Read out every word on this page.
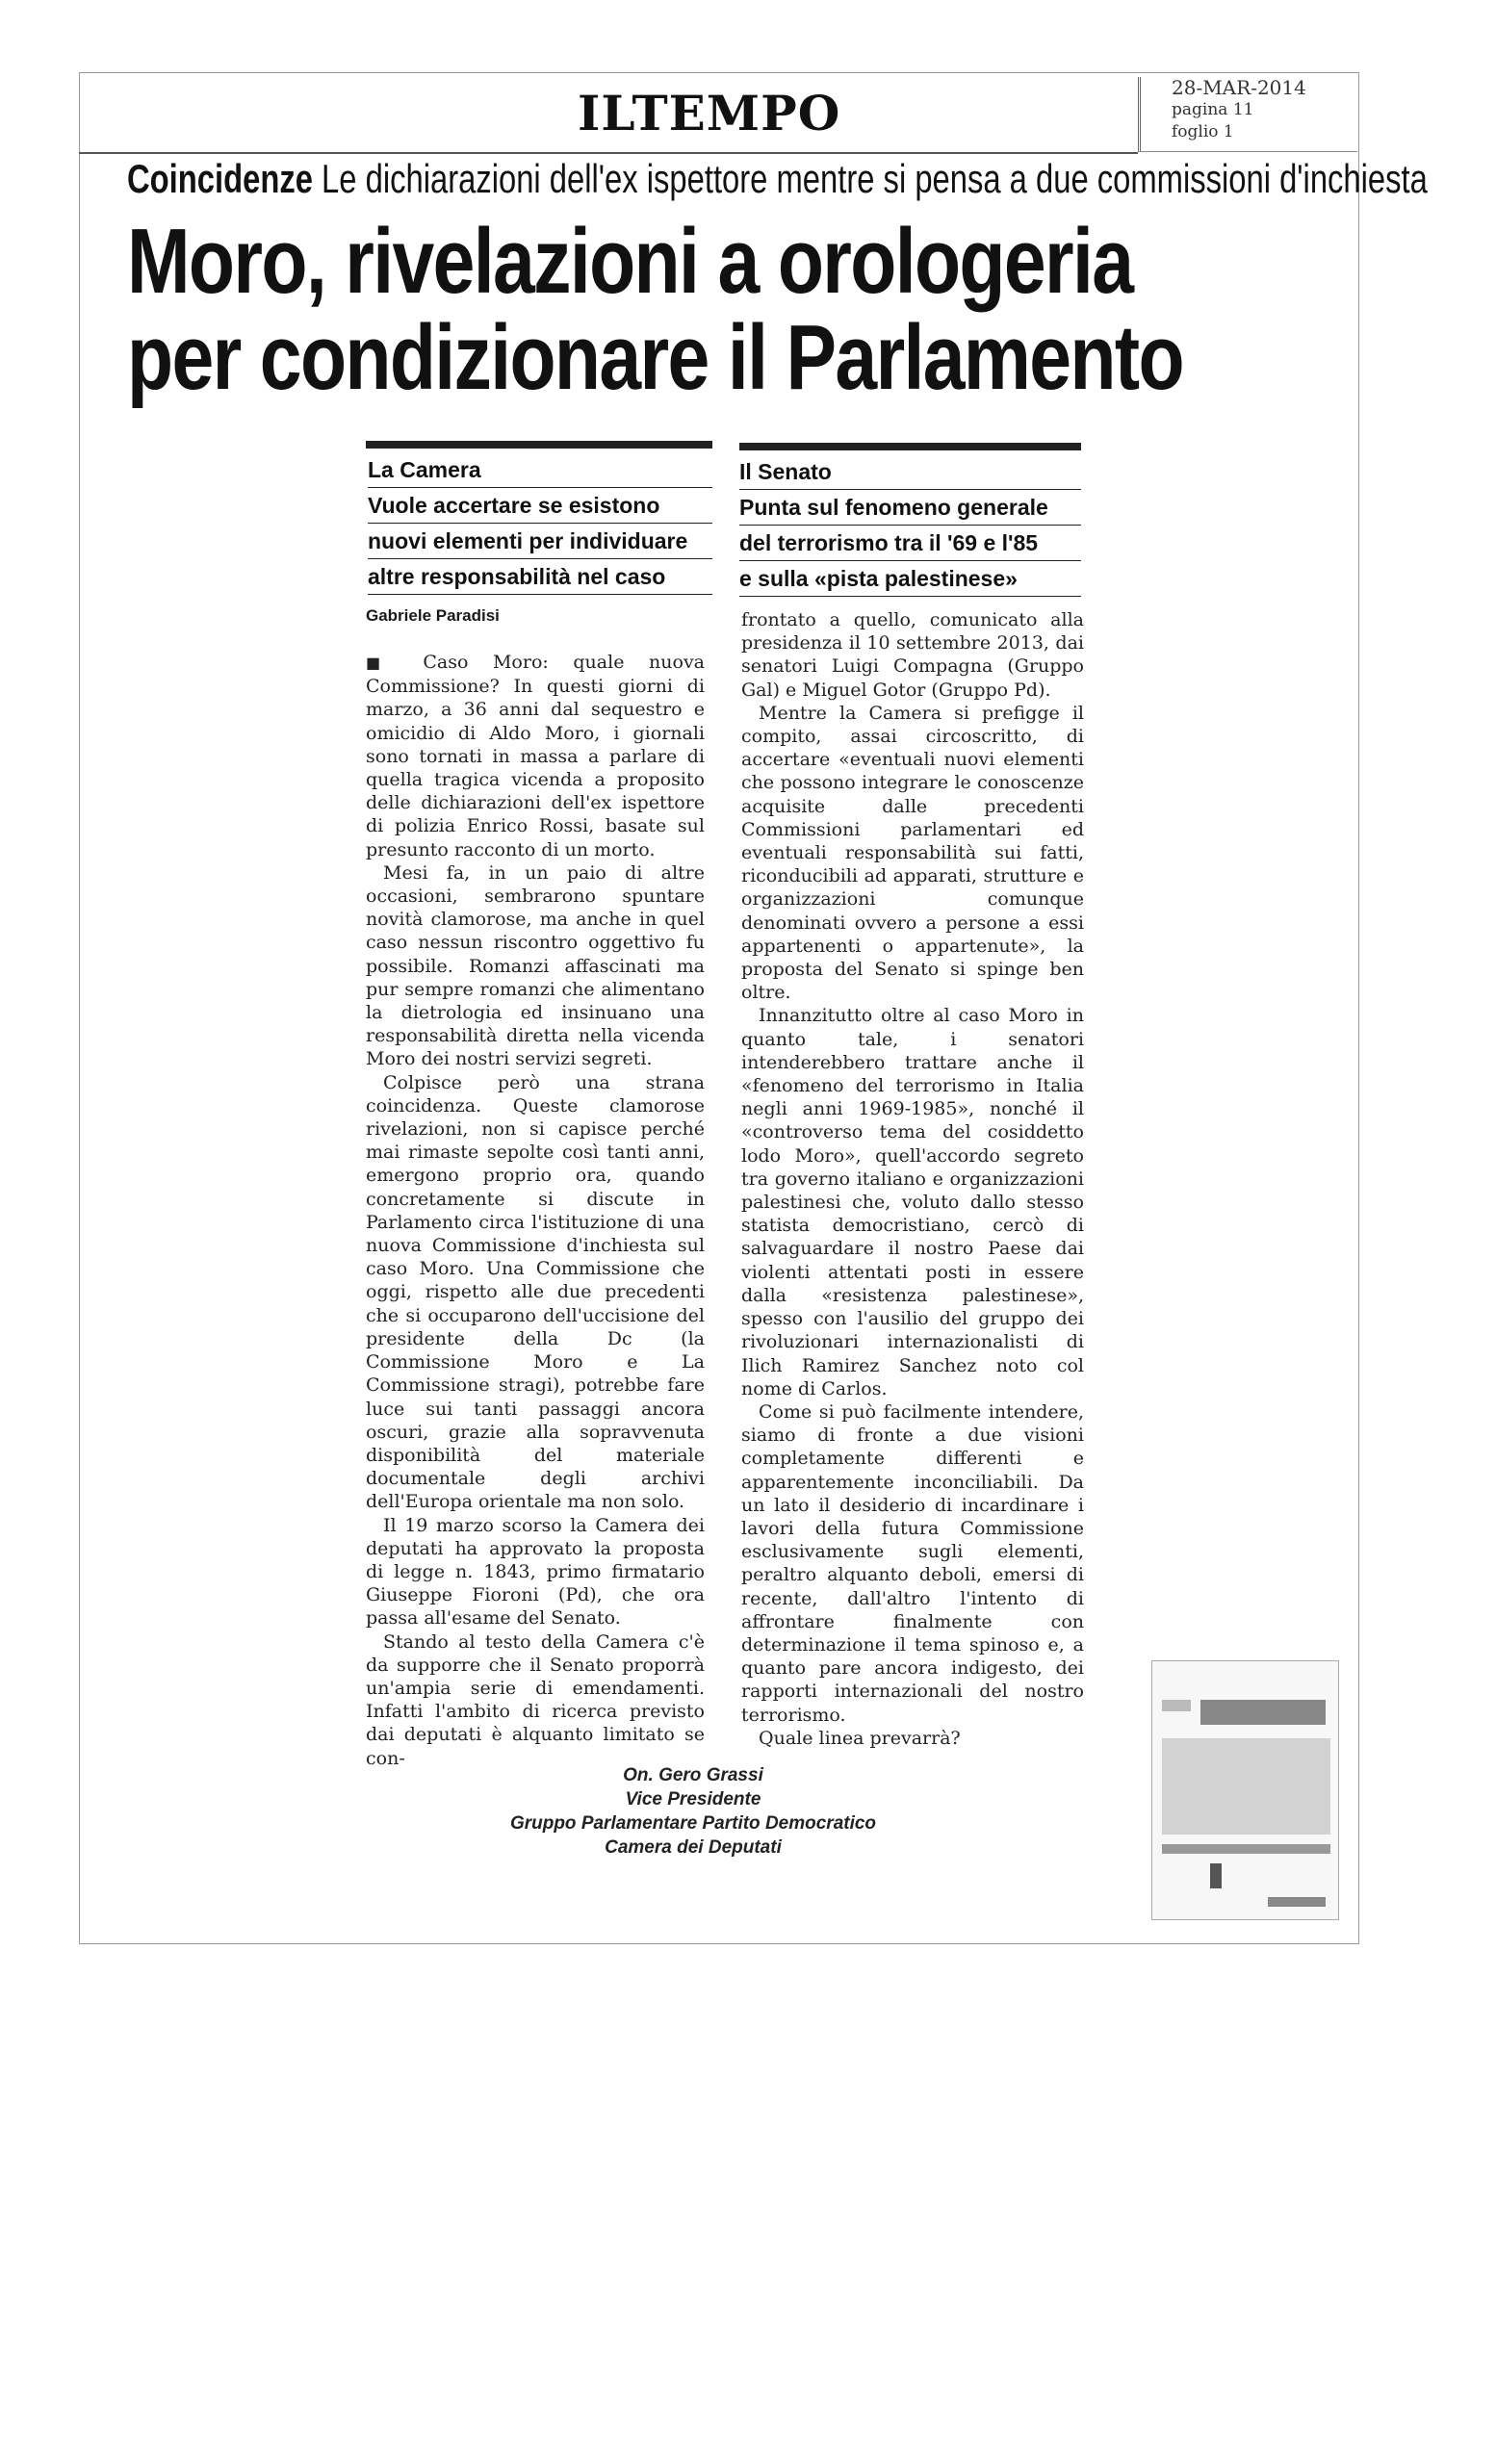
ILTEMPO	28-MAR-2014
pagina 11
foglio 1
Coincidenze Le dichiarazioni dell'ex ispettore mentre si pensa a due commissioni d'inchiesta
Moro, rivelazioni a orologeria
per condizionare il Parlamento
La Camera
Vuole accertare se esistono
nuovi elementi per individuare
altre responsabilità nel caso
Il Senato
Punta sul fenomeno generale
del terrorismo tra il '69 e l'85
e sulla «pista palestinese»
Gabriele Paradisi

■ Caso Moro: quale nuova Commissione? In questi giorni di marzo, a 36 anni dal sequestro e omicidio di Aldo Moro, i giornali sono tornati in massa a parlare di quella tragica vicenda a proposito delle dichiarazioni dell'ex ispettore di polizia Enrico Rossi, basate sul presunto racconto di un morto.

Mesi fa, in un paio di altre occasioni, sembrarono spuntare novità clamorose, ma anche in quel caso nessun riscontro oggettivo fu possibile. Romanzi affascinati ma pur sempre romanzi che alimentano la dietrologia ed insinuano una responsabilità diretta nella vicenda Moro dei nostri servizi segreti.

Colpisce però una strana coincidenza. Queste clamorose rivelazioni, non si capisce perché mai rimaste sepolte così tanti anni, emergono proprio ora, quando concretamente si discute in Parlamento circa l'istituzione di una nuova Commissione d'inchiesta sul caso Moro. Una Commissione che oggi, rispetto alle due precedenti che si occuparono dell'uccisione del presidente della Dc (la Commissione Moro e La Commissione stragi), potrebbe fare luce sui tanti passaggi ancora oscuri, grazie alla sopravvenuta disponibilità del materiale documentale degli archivi dell'Europa orientale ma non solo.

Il 19 marzo scorso la Camera dei deputati ha approvato la proposta di legge n. 1843, primo firmatario Giuseppe Fioroni (Pd), che ora passa all'esame del Senato.

Stando al testo della Camera c'è da supporre che il Senato proporrà un'ampia serie di emendamenti. Infatti l'ambito di ricerca previsto dai deputati è alquanto limitato se con-

frontato a quello, comunicato alla presidenza il 10 settembre 2013, dai senatori Luigi Compagna (Gruppo Gal) e Miguel Gotor (Gruppo Pd).

Mentre la Camera si prefigge il compito, assai circoscritto, di accertare «eventuali nuovi elementi che possono integrare le conoscenze acquisite dalle precedenti Commissioni parlamentari ed eventuali responsabilità sui fatti, riconducibili ad apparati, strutture e organizzazioni comunque denominati ovvero a persone a essi appartenenti o appartenute», la proposta del Senato si spinge ben oltre.

Innanzitutto oltre al caso Moro in quanto tale, i senatori intenderebbero trattare anche il «fenomeno del terrorismo in Italia negli anni 1969-1985», nonché il «controverso tema del cosiddetto lodo Moro», quell'accordo segreto tra governo italiano e organizzazioni palestinesi che, voluto dallo stesso statista democristiano, cercò di salvaguardare il nostro Paese dai violenti attentati posti in essere dalla «resistenza palestinese», spesso con l'ausilio del gruppo dei rivoluzionari internazionalisti di Ilich Ramirez Sanchez noto col nome di Carlos.

Come si può facilmente intendere, siamo di fronte a due visioni completamente differenti e apparentemente inconciliabili. Da un lato il desiderio di incardinare i lavori della futura Commissione esclusivamente sugli elementi, peraltro alquanto deboli, emersi di recente, dall'altro l'intento di affrontare finalmente con determinazione il tema spinoso e, a quanto pare ancora indigesto, dei rapporti internazionali del nostro terrorismo.

Quale linea prevarrà?

On. Gero Grassi
Vice Presidente
Gruppo Parlamentare Partito Democratico
Camera dei Deputati
